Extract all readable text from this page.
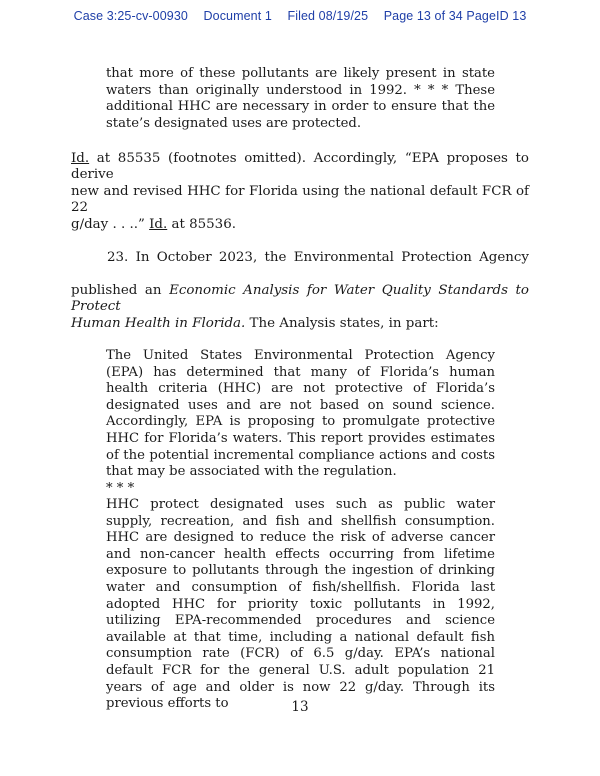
Case 3:25-cv-00930 Document 1 Filed 08/19/25 Page 13 of 34 PageID 13
that more of these pollutants are likely present in state waters than originally understood in 1992. * * * These additional HHC are necessary in order to ensure that the state’s designated uses are protected.
Id. at 85535 (footnotes omitted). Accordingly, “EPA proposes to derive
new and revised HHC for Florida using the national default FCR of 22
g/day . . ..” Id. at 85536.
23. In October 2023, the Environmental Protection Agency
published an Economic Analysis for Water Quality Standards to Protect
Human Health in Florida. The Analysis states, in part:
The United States Environmental Protection Agency (EPA) has determined that many of Florida’s human health criteria (HHC) are not protective of Florida’s designated uses and are not based on sound science. Accordingly, EPA is proposing to promulgate protective HHC for Florida’s waters. This report provides estimates of the potential incremental compliance actions and costs that may be associated with the regulation.
* * *
HHC protect designated uses such as public water supply, recreation, and fish and shellfish consumption. HHC are designed to reduce the risk of adverse cancer and non-cancer health effects occurring from lifetime exposure to pollutants through the ingestion of drinking water and consumption of fish/shellfish. Florida last adopted HHC for priority toxic pollutants in 1992, utilizing EPA-recommended procedures and science available at that time, including a national default fish consumption rate (FCR) of 6.5 g/day. EPA’s national default FCR for the general U.S. adult population 21 years of age and older is now 22 g/day. Through its previous efforts to	13
